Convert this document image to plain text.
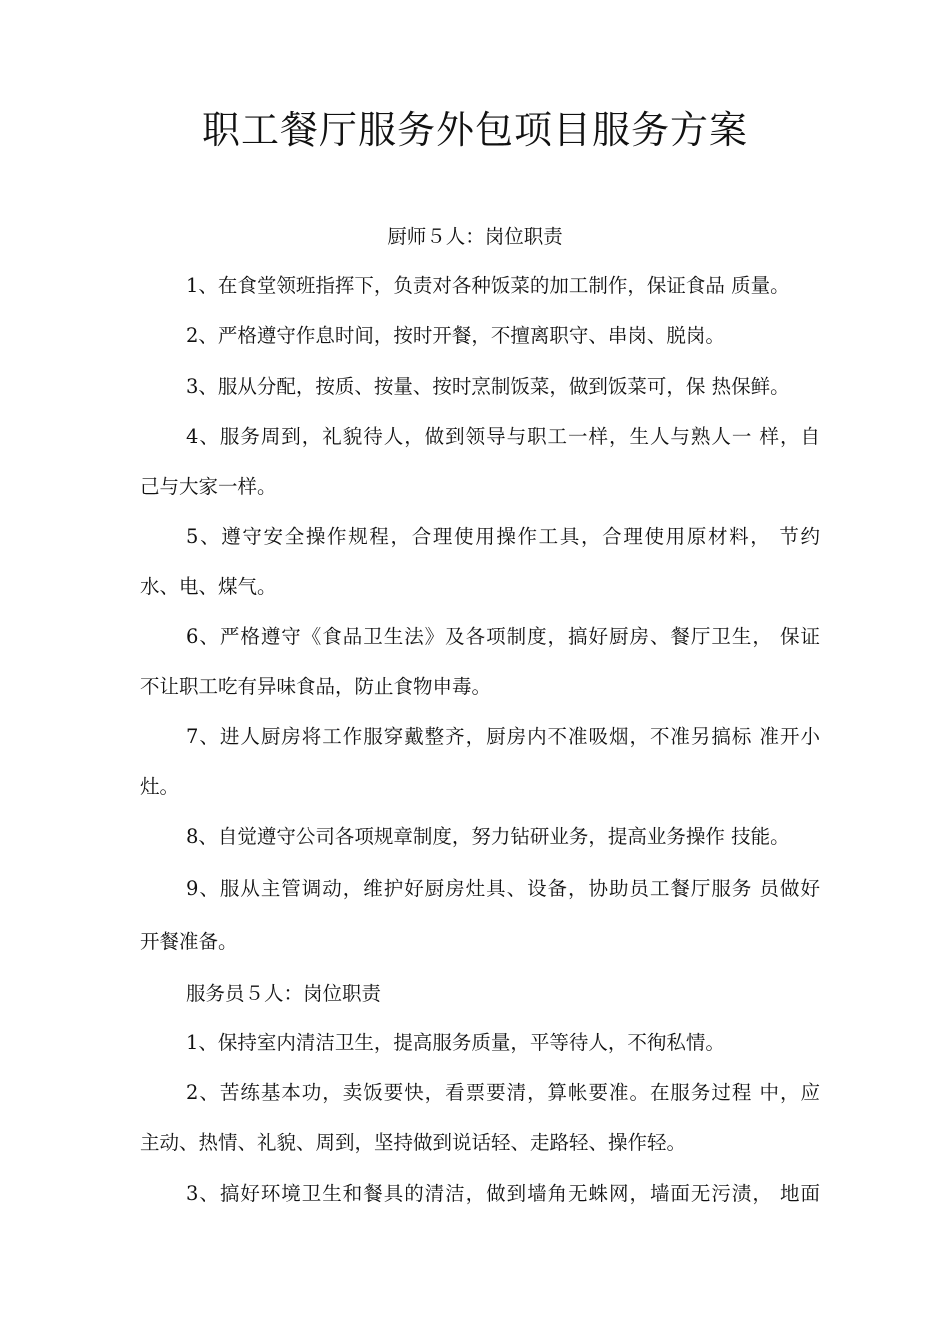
职工餐厅服务外包项目服务方案

厨师５人：岗位职责

1、在食堂领班指挥下，负责对各种饭菜的加工制作，保证食品 质量。

2、严格遵守作息时间，按时开餐，不擅离职守、串岗、脱岗。

3、服从分配，按质、按量、按时烹制饭菜，做到饭菜可，保 热保鲜。

4、服务周到，礼貌待人，做到领导与职工一样，生人与熟人一 样，自

己与大家一样。

5、遵守安全操作规程，合理使用操作工具，合理使用原材料， 节约

水、电、煤气。

6、严格遵守《食品卫生法》及各项制度，搞好厨房、餐厅卫生， 保证

不让职工吃有异味食品，防止食物申毒。

7、进人厨房将工作服穿戴整齐，厨房内不准吸烟，不准另搞标 准开小

灶。

8、自觉遵守公司各项规章制度，努力钻研业务，提高业务操作 技能。

9、服从主管调动，维护好厨房灶具、设备，协助员工餐厅服务 员做好

开餐准备。

服务员５人：岗位职责

1、保持室内清洁卫生，提高服务质量，平等待人，不徇私情。

2、苦练基本功，卖饭要快，看票要清，算帐要准。在服务过程 中，应

主动、热情、礼貌、周到，坚持做到说话轻、走路轻、操作轻。

3、搞好环境卫生和餐具的清洁，做到墙角无蛛网，墙面无污渍， 地面
